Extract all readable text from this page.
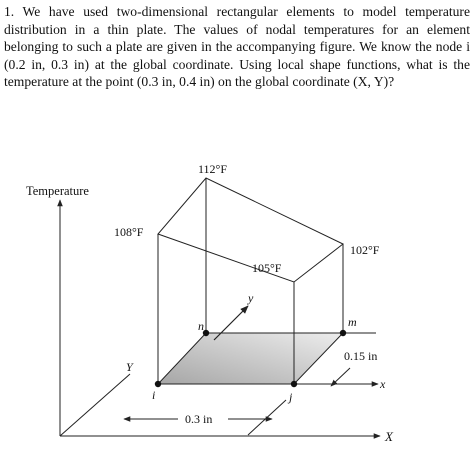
1. We have used two-dimensional rectangular elements to model temperature distribution in a thin plate. The values of nodal temperatures for an element belonging to such a plate are given in the accompanying figure. We know the node i (0.2 in, 0.3 in) at the global coordinate. Using local shape functions, what is the temperature at the point (0.3 in, 0.4 in) on the global coordinate (X, Y)?

Temperature
X
Y
x
y
112°F
108°F
102°F
105°F
n	m
i	j
0.3 in
0.15 in
